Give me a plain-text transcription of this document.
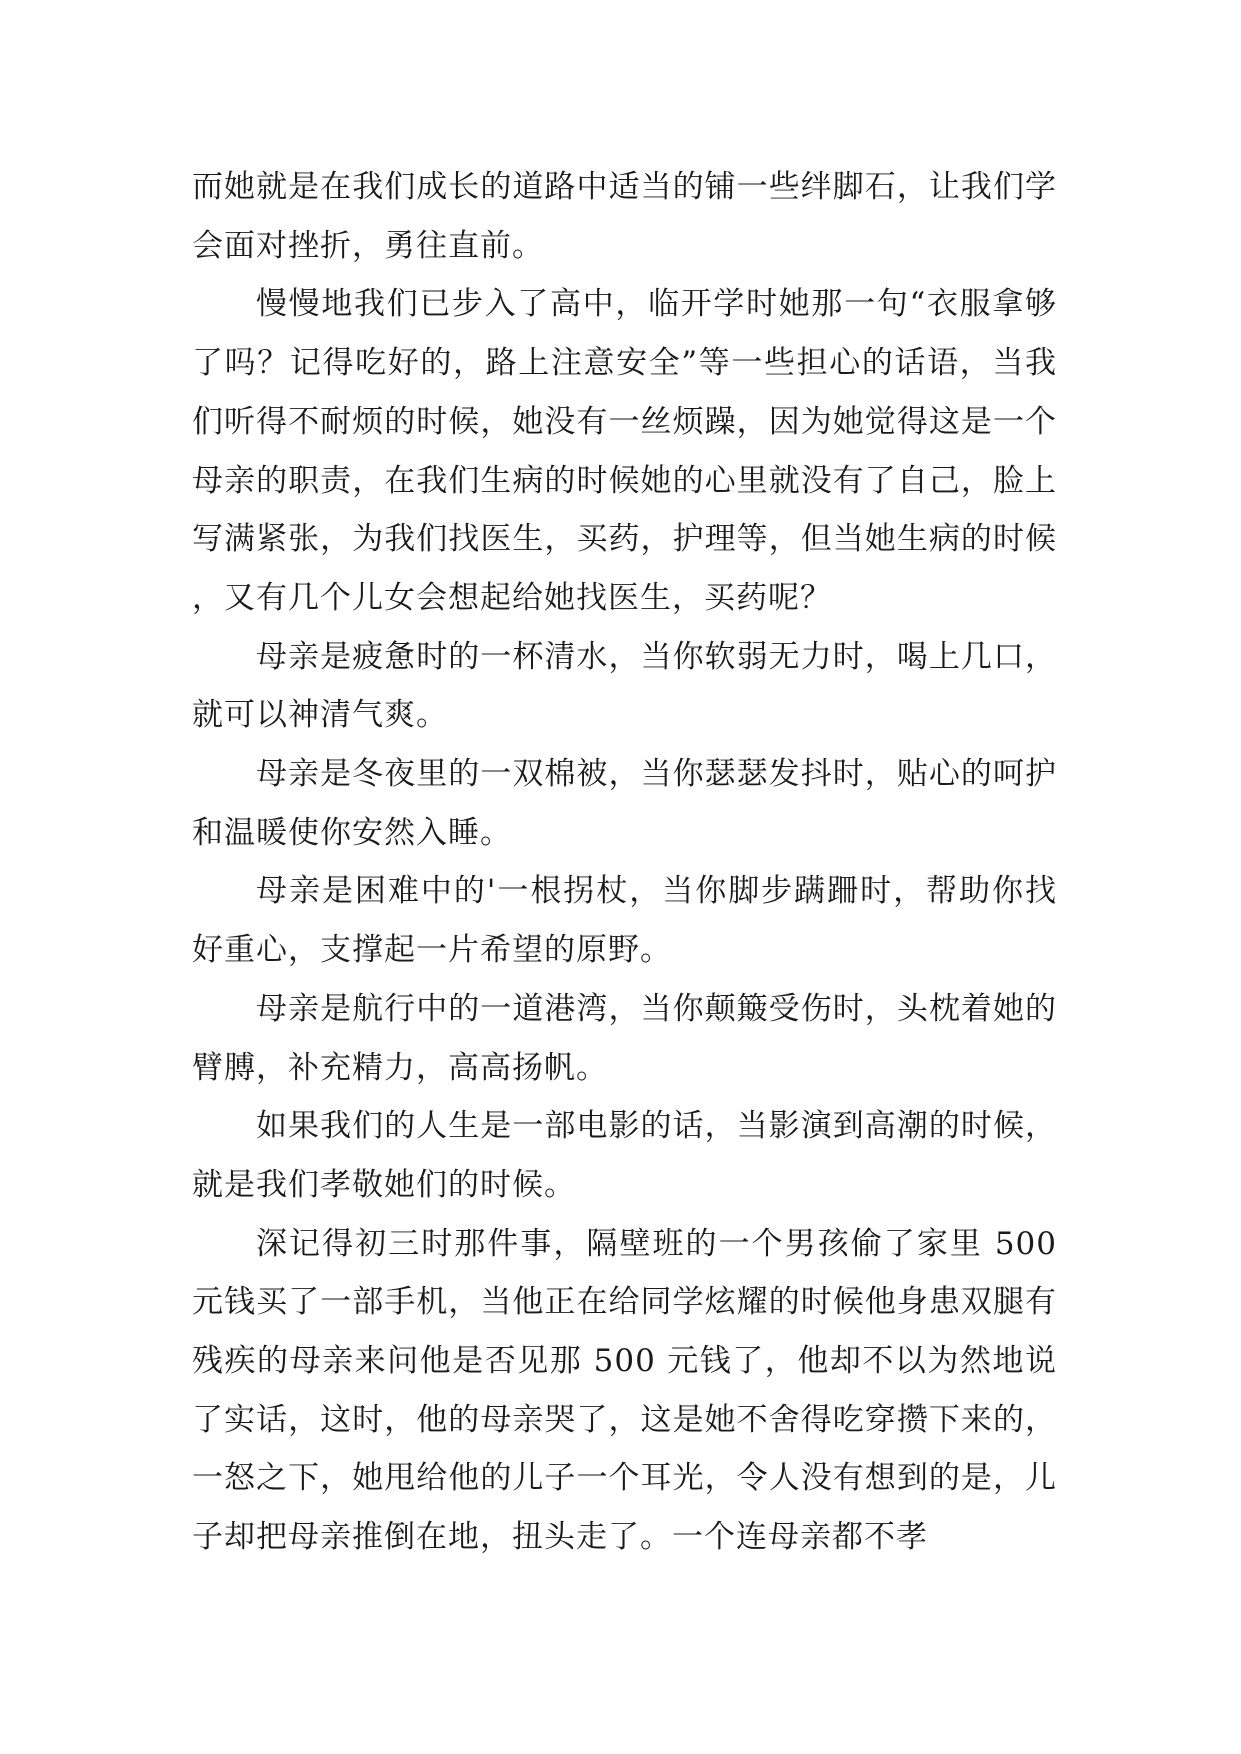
而她就是在我们成长的道路中适当的铺一些绊脚石，让我们学会面对挫折，勇往直前。

慢慢地我们已步入了高中，临开学时她那一句“衣服拿够了吗？记得吃好的，路上注意安全”等一些担心的话语，当我们听得不耐烦的时候，她没有一丝烦躁，因为她觉得这是一个母亲的职责，在我们生病的时候她的心里就没有了自己，脸上写满紧张，为我们找医生，买药，护理等，但当她生病的时候，又有几个儿女会想起给她找医生，买药呢？

母亲是疲惫时的一杯清水，当你软弱无力时，喝上几口，就可以神清气爽。

母亲是冬夜里的一双棉被，当你瑟瑟发抖时，贴心的呵护和温暖使你安然入睡。

母亲是困难中的'一根拐杖，当你脚步蹒跚时，帮助你找好重心，支撑起一片希望的原野。

母亲是航行中的一道港湾，当你颠簸受伤时，头枕着她的臂膊，补充精力，高高扬帆。

如果我们的人生是一部电影的话，当影演到高潮的时候，就是我们孝敬她们的时候。

深记得初三时那件事，隔壁班的一个男孩偷了家里 500 元钱买了一部手机，当他正在给同学炫耀的时候他身患双腿有残疾的母亲来问他是否见那 500 元钱了，他却不以为然地说了实话，这时，他的母亲哭了，这是她不舍得吃穿攒下来的，一怒之下，她甩给他的儿子一个耳光，令人没有想到的是，儿子却把母亲推倒在地，扭头走了。一个连母亲都不孝
